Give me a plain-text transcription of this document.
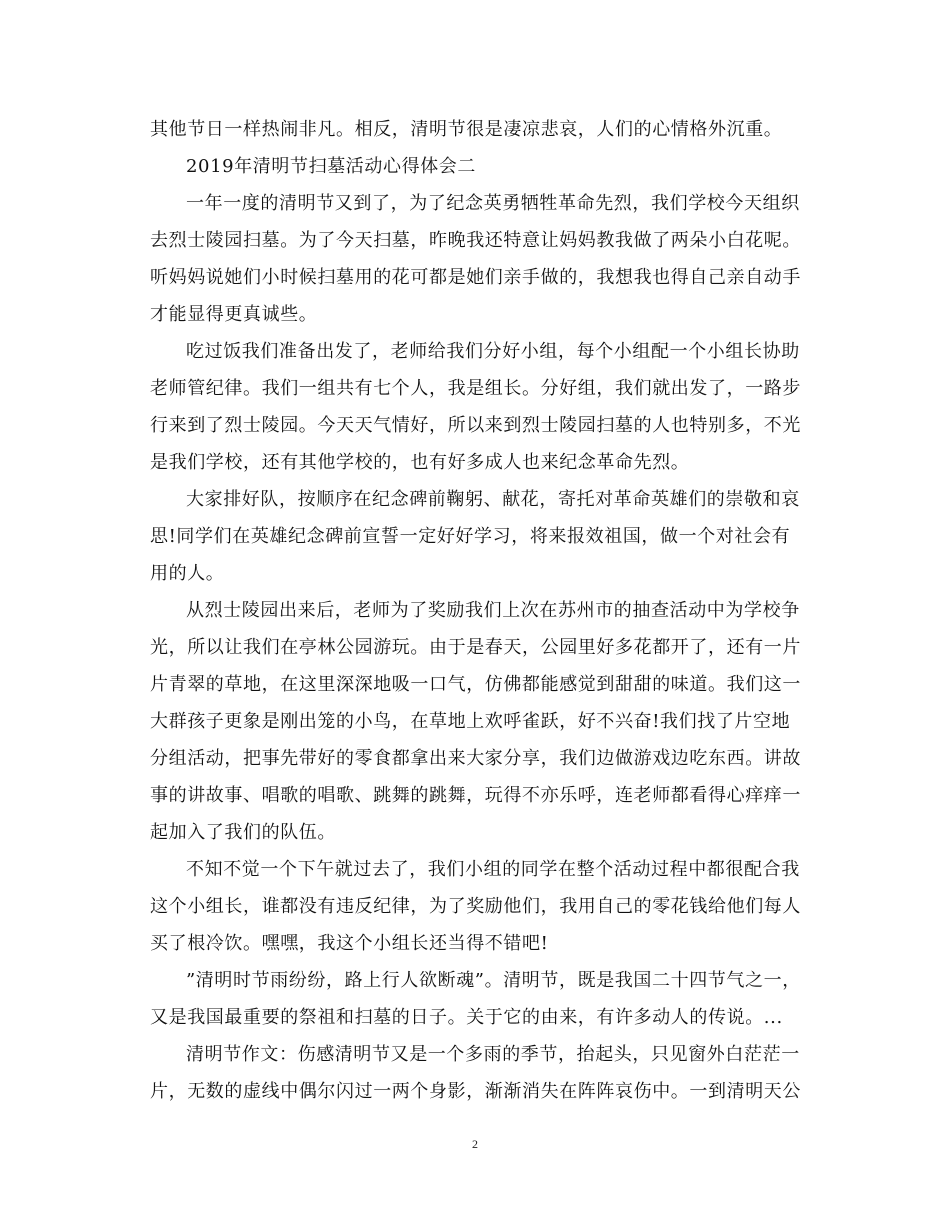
其他节日一样热闹非凡。相反，清明节很是凄凉悲哀，人们的心情格外沉重。
2019年清明节扫墓活动心得体会二
一年一度的清明节又到了，为了纪念英勇牺牲革命先烈，我们学校今天组织
去烈士陵园扫墓。为了今天扫墓，昨晚我还特意让妈妈教我做了两朵小白花呢。
听妈妈说她们小时候扫墓用的花可都是她们亲手做的，我想我也得自己亲自动手
才能显得更真诚些。
吃过饭我们准备出发了，老师给我们分好小组，每个小组配一个小组长协助
老师管纪律。我们一组共有七个人，我是组长。分好组，我们就出发了，一路步
行来到了烈士陵园。今天天气情好，所以来到烈士陵园扫墓的人也特别多，不光
是我们学校，还有其他学校的，也有好多成人也来纪念革命先烈。
大家排好队，按顺序在纪念碑前鞠躬、献花，寄托对革命英雄们的崇敬和哀
思!同学们在英雄纪念碑前宣誓一定好好学习，将来报效祖国，做一个对社会有
用的人。
从烈士陵园出来后，老师为了奖励我们上次在苏州市的抽查活动中为学校争
光，所以让我们在亭林公园游玩。由于是春天，公园里好多花都开了，还有一片
片青翠的草地，在这里深深地吸一口气，仿佛都能感觉到甜甜的味道。我们这一
大群孩子更象是刚出笼的小鸟，在草地上欢呼雀跃，好不兴奋!我们找了片空地
分组活动，把事先带好的零食都拿出来大家分享，我们边做游戏边吃东西。讲故
事的讲故事、唱歌的唱歌、跳舞的跳舞，玩得不亦乐呼，连老师都看得心痒痒一
起加入了我们的队伍。
不知不觉一个下午就过去了，我们小组的同学在整个活动过程中都很配合我
这个小组长，谁都没有违反纪律，为了奖励他们，我用自己的零花钱给他们每人
买了根冷饮。嘿嘿，我这个小组长还当得不错吧!
”清明时节雨纷纷，路上行人欲断魂”。清明节，既是我国二十四节气之一，
又是我国最重要的祭祖和扫墓的日子。关于它的由来，有许多动人的传说。...
清明节作文：伤感清明节又是一个多雨的季节，抬起头，只见窗外白茫茫一
片，无数的虚线中偶尔闪过一两个身影，渐渐消失在阵阵哀伤中。一到清明天公
2
